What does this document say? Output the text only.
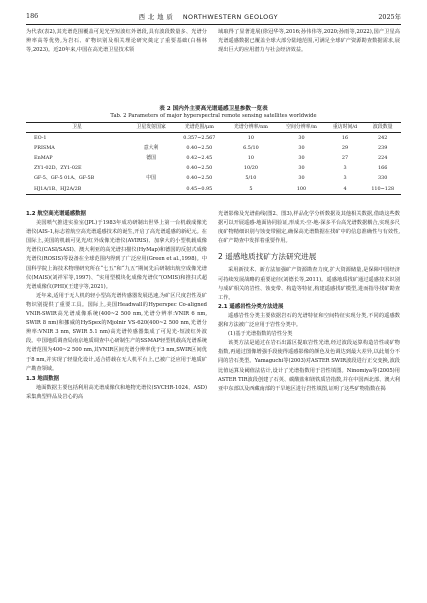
186	西 北 地 质 NORTHWESTERN GEOLOGY	2025年

为代表(表2),其光谱范围覆盖可见光至短波红外谱段,具有波段数量多、光谱分辨率高等优势,为岩石、矿物识别及相关理论研究奠定了重要基础(白杨林等,2023)。近20年来,中国在高光谱卫星技术领

域取得了显著进展(徐冠华等,2016;孙伟伟等,2020;孙雨等,2022),国产卫星高光谱遥感数据已覆盖全球大部分陆地范围,可满足全球矿产资源勘查数据需求,展现出巨大的应用潜力与社会经济效益。

表 2 国内外主要高光谱遥感卫星参数一览表
Tab. 2 Parameters of major hyperspectral remote sensing satellites worldwide
卫星	卫星发射国家	光谱范围/μm	光谱分辨率/nm	空间分辨率/m	重访时间/d	波段数量
EO-1		0.357~2.567	10	30	16	242
PRISMA	意大利	0.40~2.50	6.5/10	30	29	239
EnMAP	德国	0.42~2.45	10	30	27	224
ZY1-02D、ZY1-02E		0.40~2.50	10/20	30	3	166
GF-5、GF-5 01A、GF-5B	中国	0.40~2.50	5/10	30	3	330
HJ1A/1B、HJ2A/2B		0.45~0.95	5	100	4	110~128
1.2 航空高光谱遥感数据

美国喷气推进实验室(JPL)于1983年成功研制出世界上第一台机载成像光谱仪(AIS-1,标志着航空高光谱遥感技术的诞生,开启了高光谱遥感的新纪元。在国际上,美国的机载可见光/红外成像光谱仪(AVIRIS)、加拿大的小型机载成像光谱仪(CASI/SASI)、澳大利亚的高光谱扫描仪(HyMap)和德国的反射式成像光谱仪(ROSIS)等设备在全球范围内得到了广泛应用(Green et al.,1998)。中国科学院上海技术物理研究所在“七五”和“九五”期间先后研制出航空成像光谱仪(MAIS)(刘祥军等,1997)、“实用型模块化成像光谱仪”(OMIS)和推扫式超光谱成像仪(PHI)(王建宇等,2021)。

近年来,适用于无人机的轻小型高光谱传感器发展迅速,为矿区尺度岩性及矿物识别提供了重要工具。国际上,美国Headwall的Hyperspec Co-aligned VNIR-SWIR高光谱成像系统(400~2 500 nm,光谱分辨率:VNIR 6 nm, SWIR 8 nm)和挪威的HySpex的Mjolnir VS-620(400~2 500 nm,光谱分辨率:VNIR 3 nm, SWIR 5.1 nm)高光谱传感器集成了可见光-短波红外波段。中国地质调查局南京地质调查中心研制生产的SSMAP轻型机载高光谱系统光谱范围为400~2 500 nm,其VNIR区间光谱分辨率优于3 nm,SWIR区间优于8 nm,并实现了轻量化设计,适合搭载在无人机平台上,已被广泛应用于地质矿产勘查领域。

1.3 地面数据

地面数据主要包括利用高光谱成像仪和地物光谱仪(SVCHR-1024、ASD)采集典型样品及岩心的高

光谱影像及光谱曲线(图2、图3),样品化学分析数据及其他相关数据,借助这些数据可以开展遥感-地面协同验证,形成天-空-地-深多平台高光谱数据耦合,实现多尺度矿物精细识别与蚀变带圈定,确保高光谱数据在找矿中的信息准确性与有效性,在矿产勘查中发挥着重要作用。

2 遥感地质找矿方法研究进展

采用新技术、新方法加强矿产资源勘查力度,扩大资源储量,是保障中国经济可持续发展战略的重要途径(刘德长等,2011)。遥感地质找矿通过遥感技术识别与成矿相关的岩性、蚀变带、构造等特征,构建遥感找矿模型,进而指导找矿勘查工作。

2.1 遥感岩性分类方法进展

遥感岩性分类主要依据岩石的光谱特征和空间特征实现分类,不同的遥感数据和方法被广泛应用于岩性分类中。

(1)基于光谱指数的岩性分类

该类方法是通过在岩石出露区提取岩性光谱,经过波段运算构造岩性或矿物指数,再通过图像增强手段使得遥感影像的颜色及色调达到最大差异,以此划分不同的岩石类型。Yamaguchi等(2003)对ASTER SWIR波段进行正交变换,波段比值运算及阈值法估计,设计了光谱指数用于岩性填图。Ninomiya等(2005)用ASTER TIR波段创建了石英、碳酸盐和镁铁质岩指数,并在中国西北部、澳大利亚中东部以及西藏南部的干旱地区进行岩性填图,证明了这些矿物指数在揭
